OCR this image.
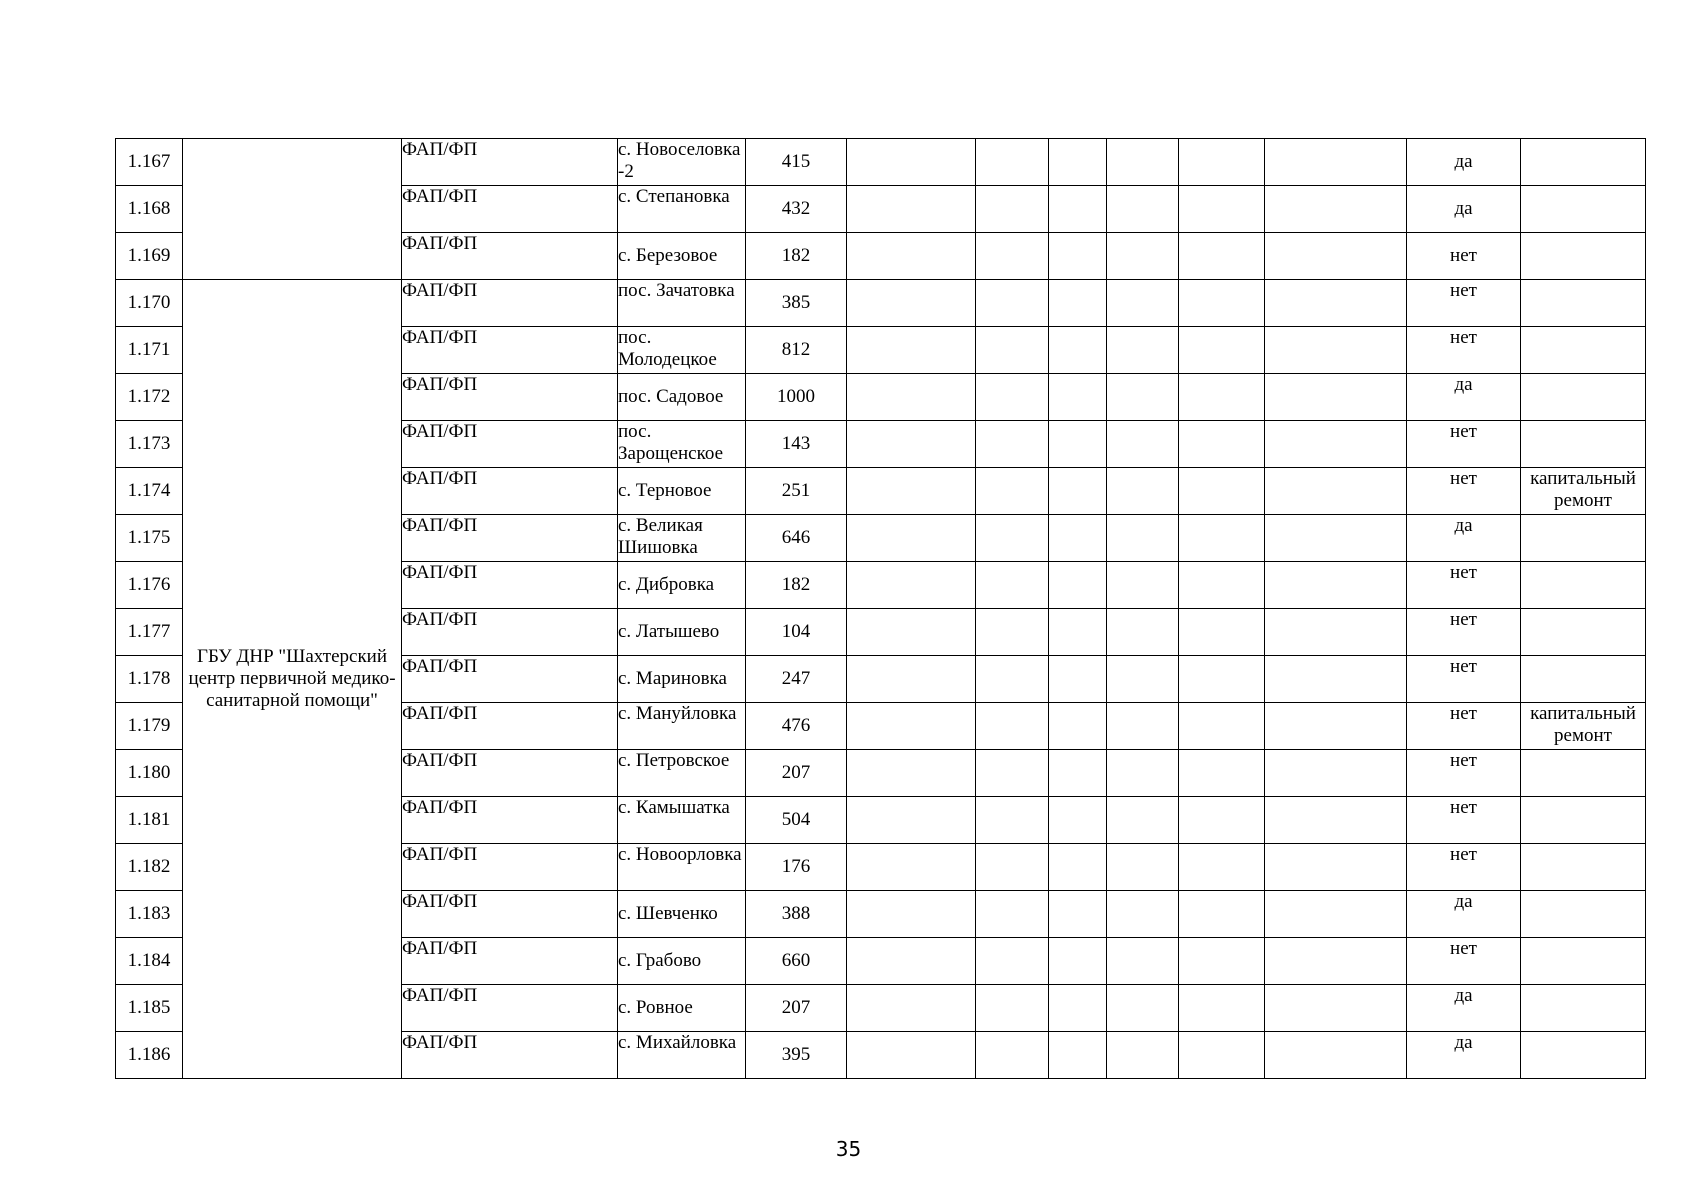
1.167		ФАП/ФП	с. Новоселовка -2	415							да	
1.168		ФАП/ФП	с. Степановка	432							да	
1.169		ФАП/ФП	с. Березовое	182							нет	
1.170	ГБУ ДНР "Шахтерский центр первичной медико-санитарной помощи"	ФАП/ФП	пос. Зачатовка	385							нет	
1.171		ФАП/ФП	пос. Молодецкое	812							нет	
1.172		ФАП/ФП	пос. Садовое	1000							да	
1.173		ФАП/ФП	пос. Зарощенское	143							нет	
1.174		ФАП/ФП	с. Терновое	251							нет	капитальный ремонт
1.175		ФАП/ФП	с. Великая Шишовка	646							да	
1.176		ФАП/ФП	с. Дибровка	182							нет	
1.177		ФАП/ФП	с. Латышево	104							нет	
1.178		ФАП/ФП	с. Мариновка	247							нет	
1.179		ФАП/ФП	с. Мануйловка	476							нет	капитальный ремонт
1.180		ФАП/ФП	с. Петровское	207							нет	
1.181		ФАП/ФП	с. Камышатка	504							нет	
1.182		ФАП/ФП	с. Новоорловка	176							нет	
1.183		ФАП/ФП	с. Шевченко	388							да	
1.184		ФАП/ФП	с. Грабово	660							нет	
1.185		ФАП/ФП	с. Ровное	207							да	
1.186		ФАП/ФП	с. Михайловка	395							да	
35
